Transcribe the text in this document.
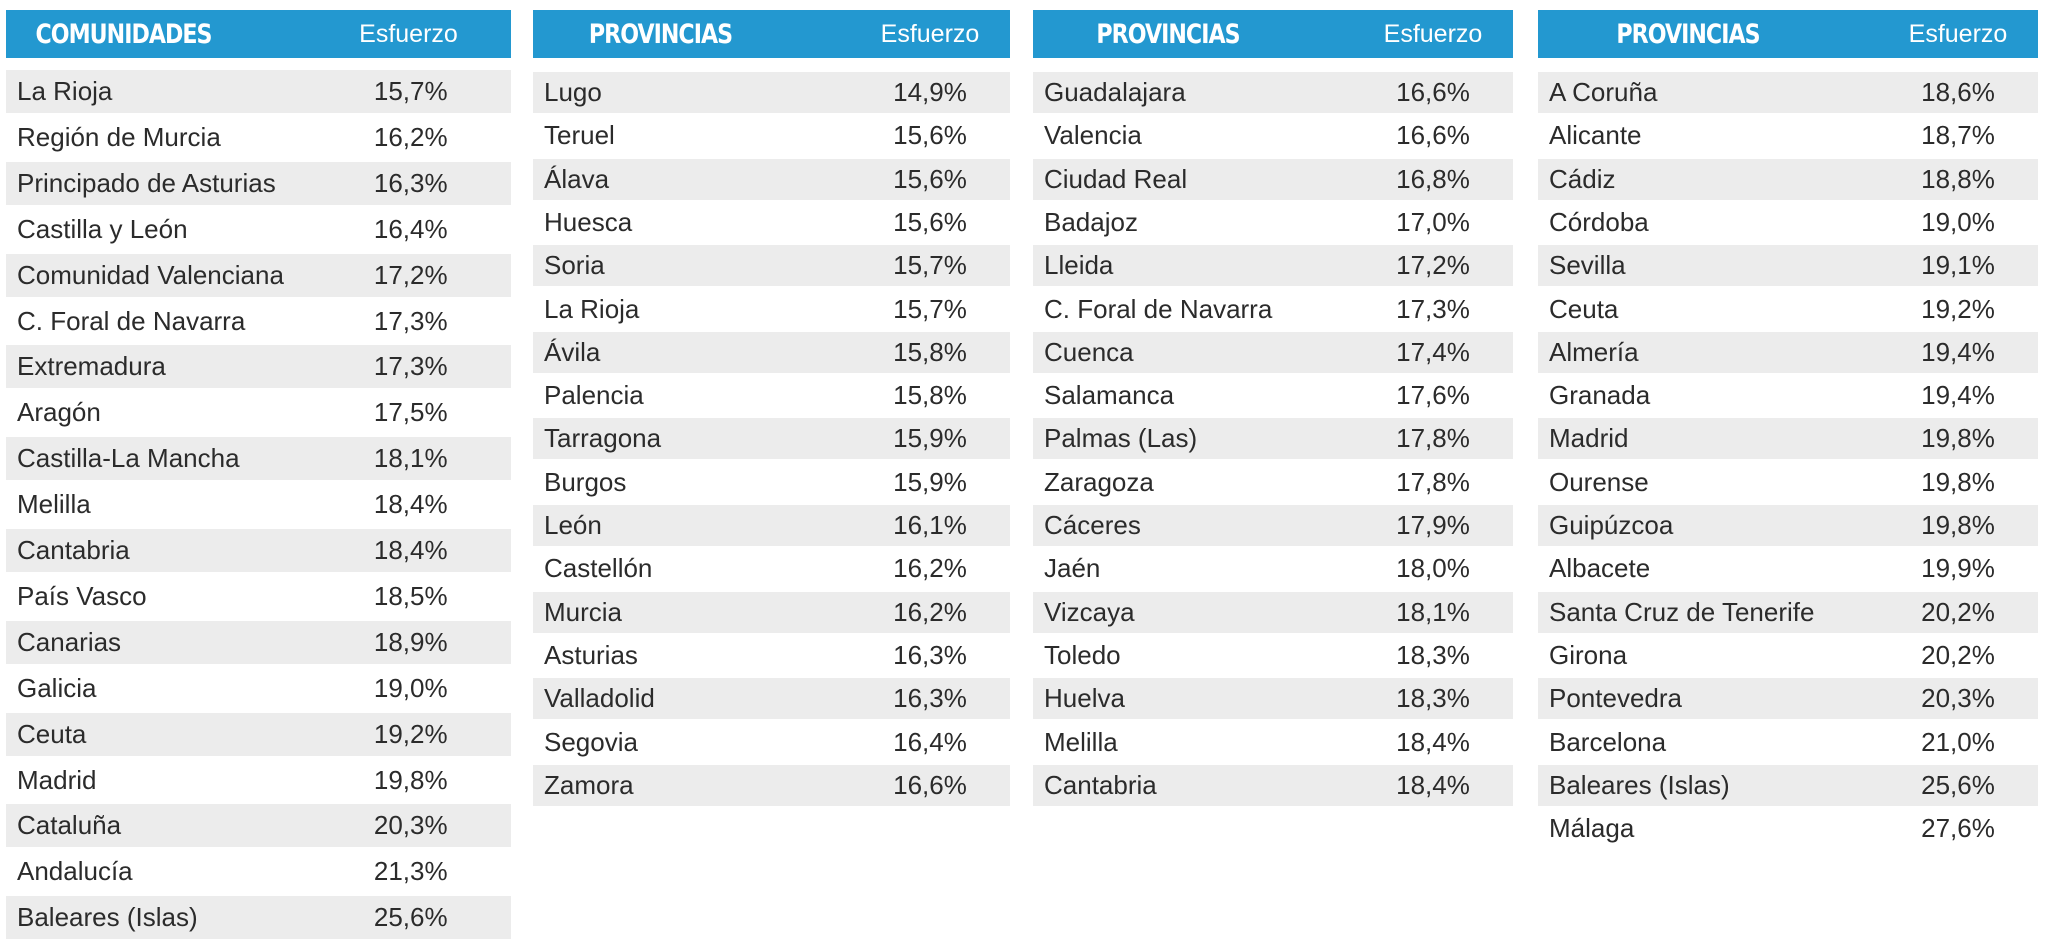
COMUNIDADES	Esfuerzo
La Rioja	15,7%
Región de Murcia	16,2%
Principado de Asturias	16,3%
Castilla y León	16,4%
Comunidad Valenciana	17,2%
C. Foral de Navarra	17,3%
Extremadura	17,3%
Aragón	17,5%
Castilla-La Mancha	18,1%
Melilla	18,4%
Cantabria	18,4%
País Vasco	18,5%
Canarias	18,9%
Galicia	19,0%
Ceuta	19,2%
Madrid	19,8%
Cataluña	20,3%
Andalucía	21,3%
Baleares (Islas)	25,6%
PROVINCIAS	Esfuerzo
Lugo	14,9%
Teruel	15,6%
Álava	15,6%
Huesca	15,6%
Soria	15,7%
La Rioja	15,7%
Ávila	15,8%
Palencia	15,8%
Tarragona	15,9%
Burgos	15,9%
León	16,1%
Castellón	16,2%
Murcia	16,2%
Asturias	16,3%
Valladolid	16,3%
Segovia	16,4%
Zamora	16,6%
PROVINCIAS	Esfuerzo
Guadalajara	16,6%
Valencia	16,6%
Ciudad Real	16,8%
Badajoz	17,0%
Lleida	17,2%
C. Foral de Navarra	17,3%
Cuenca	17,4%
Salamanca	17,6%
Palmas (Las)	17,8%
Zaragoza	17,8%
Cáceres	17,9%
Jaén	18,0%
Vizcaya	18,1%
Toledo	18,3%
Huelva	18,3%
Melilla	18,4%
Cantabria	18,4%
PROVINCIAS	Esfuerzo
A Coruña	18,6%
Alicante	18,7%
Cádiz	18,8%
Córdoba	19,0%
Sevilla	19,1%
Ceuta	19,2%
Almería	19,4%
Granada	19,4%
Madrid	19,8%
Ourense	19,8%
Guipúzcoa	19,8%
Albacete	19,9%
Santa Cruz de Tenerife	20,2%
Girona	20,2%
Pontevedra	20,3%
Barcelona	21,0%
Baleares (Islas)	25,6%
Málaga	27,6%
